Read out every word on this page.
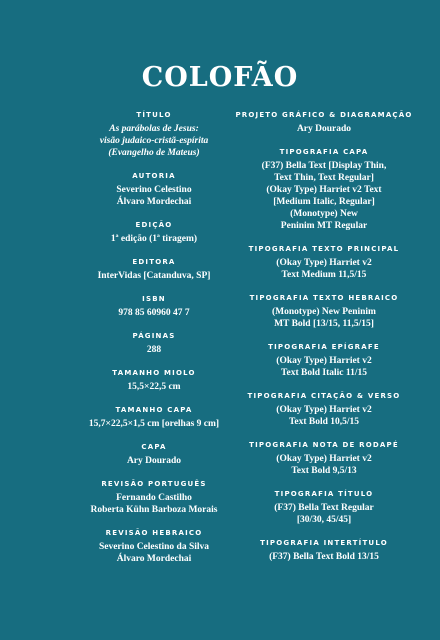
COLOFÃO
TÍTULO
As parábolas de Jesus:
visão judaico-cristã-espírita
(Evangelho de Mateus)
AUTORIA
Severino Celestino
Álvaro Mordechai
EDIÇÃO
1ª edição (1ª tiragem)
EDITORA
InterVidas [Catanduva, SP]
ISBN
978 85 60960 47 7
PÁGINAS
288
TAMANHO MIOLO
15,5×22,5 cm
TAMANHO CAPA
15,7×22,5×1,5 cm [orelhas 9 cm]
CAPA
Ary Dourado
REVISÃO PORTUGUÊS
Fernando Castilho
Roberta Kühn Barboza Morais
REVISÃO HEBRAICO
Severino Celestino da Silva
Álvaro Mordechai
PROJETO GRÁFICO & DIAGRAMAÇÃO
Ary Dourado
TIPOGRAFIA CAPA
(F37) Bella Text [Display Thin,
Text Thin, Text Regular]
(Okay Type) Harriet v2 Text
[Medium Italic, Regular]
(Monotype) New
Peninim MT Regular
TIPOGRAFIA TEXTO PRINCIPAL
(Okay Type) Harriet v2
Text Medium 11,5/15
TIPOGRAFIA TEXTO HEBRAICO
(Monotype) New Peninim
MT Bold [13/15, 11,5/15]
TIPOGRAFIA EPÍGRAFE
(Okay Type) Harriet v2
Text Bold Italic 11/15
TIPOGRAFIA CITAÇÃO & VERSO
(Okay Type) Harriet v2
Text Bold 10,5/15
TIPOGRAFIA NOTA DE RODAPÉ
(Okay Type) Harriet v2
Text Bold 9,5/13
TIPOGRAFIA TÍTULO
(F37) Bella Text Regular
[30/30, 45/45]
TIPOGRAFIA INTERTÍTULO
(F37) Bella Text Bold 13/15
